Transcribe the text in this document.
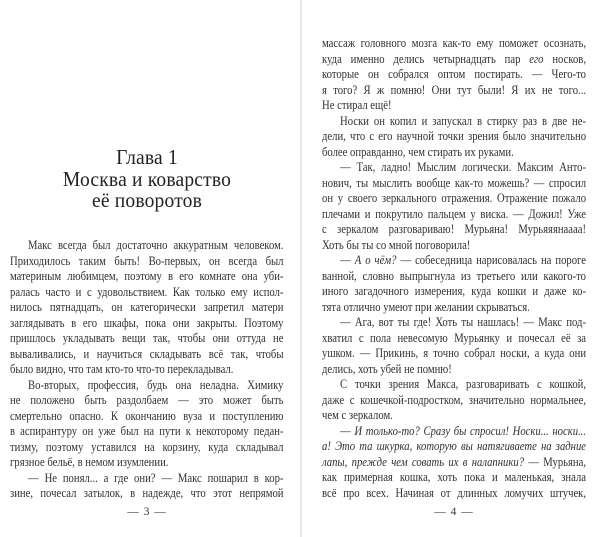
Глава 1
Москва и коварство
её поворотов
Макс всегда был достаточно аккуратным человеком.
Приходилось таким быть! Во-первых, он всегда был
материным любимцем, поэтому в его комнате она уби-
ралась часто и с удовольствием. Как только ему испол-
нилось пятнадцать, он категорически запретил матери
заглядывать в его шкафы, пока они закрыты. Поэтому
пришлось укладывать вещи так, чтобы они оттуда не
вываливались, и научиться складывать всё так, чтобы
было видно, что там кто-то что-то перекладывал.
Во-вторых, профессия, будь она неладна. Химику
не положено быть раздолбаем — это может быть
смертельно опасно. К окончанию вуза и поступлению
в аспирантуру он уже был на пути к некоторому педан-
тизму, поэтому уставился на корзину, куда складывал
грязное бельё, в немом изумлении.
— Не понял... а где они? — Макс пошарил в кор-
зине, почесал затылок, в надежде, что этот непрямой
— 3 —
массаж головного мозга как-то ему поможет осознать,
куда именно делись четырнадцать пар его носков,
которые он собрался оптом постирать. — Чего-то
я того? Я ж помню! Они тут были! Я их не того...
Не стирал ещё!
Носки он копил и запускал в стирку раз в две не-
дели, что с его научной точки зрения было значительно
более оправданно, чем стирать их руками.
— Так, ладно! Мыслим логически. Максим Анто-
нович, ты мыслить вообще как-то можешь? — спросил
он у своего зеркального отражения. Отражение пожало
плечами и покрутило пальцем у виска. — Дожил! Уже
с зеркалом разговариваю! Мурьяна! Мурьяяянаааа!
Хоть бы ты со мной поговорила!
— А о чём? — собеседница нарисовалась на пороге
ванной, словно выпрыгнула из третьего или какого-то
иного загадочного измерения, куда кошки и даже ко-
тята отлично умеют при желании скрываться.
— Ага, вот ты где! Хоть ты нашлась! — Макс под-
хватил с пола невесомую Мурьянку и почесал её за
ушком. — Прикинь, я точно собрал носки, а куда они
делись, хоть убей не помню!
С точки зрения Макса, разговаривать с кошкой,
даже с кошечкой-подростком, значительно нормальнее,
чем с зеркалом.
— И только-то? Сразу бы спросил! Носки... носки...
а! Это та шкурка, которую вы натягиваете на задние
лапы, прежде чем совать их в налапники? — Мурьяна,
как примерная кошка, хоть пока и маленькая, знала
всё про всех. Начиная от длинных ломучих штучек,
— 4 —
